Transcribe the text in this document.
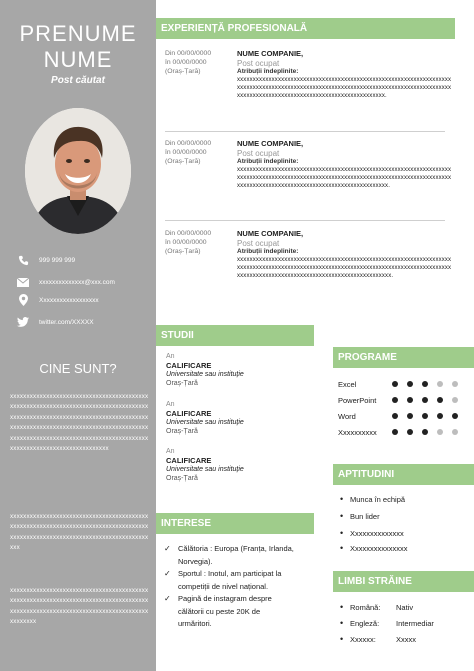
PRENUME
NUME
Post căutat
999 999 999
xxxxxxxxxxxxxx@xxx.com
Xxxxxxxxxxxxxxxxxx
twitter.com/XXXXX
CINE SUNT?
xxxxxxxxxxxxxxxxxxxxxxxxxxxxxxxxxxxxxxxxxxxxxxxxxxxxxxxxxxxxxxxxxxxxxxxxxxxxxxxxxxxxxxxxxxxxxxxxxxxxxxxxxxxxxxxxxxxxxxxxxxxxxxxxxxxxxxxxxxxxxxxxxxxxxxxxxxxxxxxxxxxxxxxxxxxxxxxxxxxxxxxxxxxxxxxxxxxxxxxxxxxxxxxxxxxxxxxxxxxxxxxxxxxxxxxxxxxxxxxx
xxxxxxxxxxxxxxxxxxxxxxxxxxxxxxxxxxxxxxxxxxxxxxxxxxxxxxxxxxxxxxxxxxxxxxxxxxxxxxxxxxxxxxxxxxxxxxxxxxxxxxxxxxxxxxxxxxxxxxxxxxxxxxxxx
xxxxxxxxxxxxxxxxxxxxxxxxxxxxxxxxxxxxxxxxxxxxxxxxxxxxxxxxxxxxxxxxxxxxxxxxxxxxxxxxxxxxxxxxxxxxxxxxxxxxxxxxxxxxxxxxxxxxxxxxxxxxxxxxxxxxxx
EXPERIENȚĂ PROFESIONALĂ
Din 00/00/0000
în 00/00/0000
(Oraș-Țară)
NUME COMPANIE,
Post ocupat
Atribuții îndeplinite:
xxxxxxxxxxxxxxxxxxxxxxxxxxxxxxxxxxxxxxxxxxxxxxxxxxxxxxxxxxxxxxxxxxxxxxxxxxxxxxxxxxxxxxxxxxxxxxxxxxxxxxxxxxxxxxxxxxxxxxxxxxxxxxxxxxxxxxxxxxxxxxxxxxxxxxxxxxxxxxxxxxxxxxxxxxxxxxxxxxxxxxx.
Din 00/00/0000
în 00/00/0000
(Oraș-Țară)
NUME COMPANIE,
Post ocupat
Atribuții îndeplinite:
xxxxxxxxxxxxxxxxxxxxxxxxxxxxxxxxxxxxxxxxxxxxxxxxxxxxxxxxxxxxxxxxxxxxxxxxxxxxxxxxxxxxxxxxxxxxxxxxxxxxxxxxxxxxxxxxxxxxxxxxxxxxxxxxxxxxxxxxxxxxxxxxxxxxxxxxxxxxxxxxxxxxxxxxxxxxxxxxxxxxxxxx.
Din 00/00/0000
în 00/00/0000
(Oraș-Țară)
NUME COMPANIE,
Post ocupat
Atribuții îndeplinite:
xxxxxxxxxxxxxxxxxxxxxxxxxxxxxxxxxxxxxxxxxxxxxxxxxxxxxxxxxxxxxxxxxxxxxxxxxxxxxxxxxxxxxxxxxxxxxxxxxxxxxxxxxxxxxxxxxxxxxxxxxxxxxxxxxxxxxxxxxxxxxxxxxxxxxxxxxxxxxxxxxxxxxxxxxxxxxxxxxxxxxxxxx.
STUDII
An
CALIFICARE
Universitate sau instituție
Oraș-Țară
An
CALIFICARE
Universitate sau instituție
Oraș-Țară
An
CALIFICARE
Universitate sau instituție
Oraș-Țară
INTERESE
✓ Călătoria : Europa (Franța, Irlanda,
Norvegia).
✓ Sportul : Inotul, am participat la
competiții de nivel național.
✓ Pagină de instagram despre
călătorii cu peste 20K de
urmăritori.
PROGRAME
Excel
PowerPoint
Word
Xxxxxxxxxx
APTITUDINI
• Munca în echipă
• Bun lider
• Xxxxxxxxxxxxxx
• Xxxxxxxxxxxxxxx
LIMBI STRĂINE
• Română: Nativ
• Engleză: Intermediar
• Xxxxxx:	Xxxxx
